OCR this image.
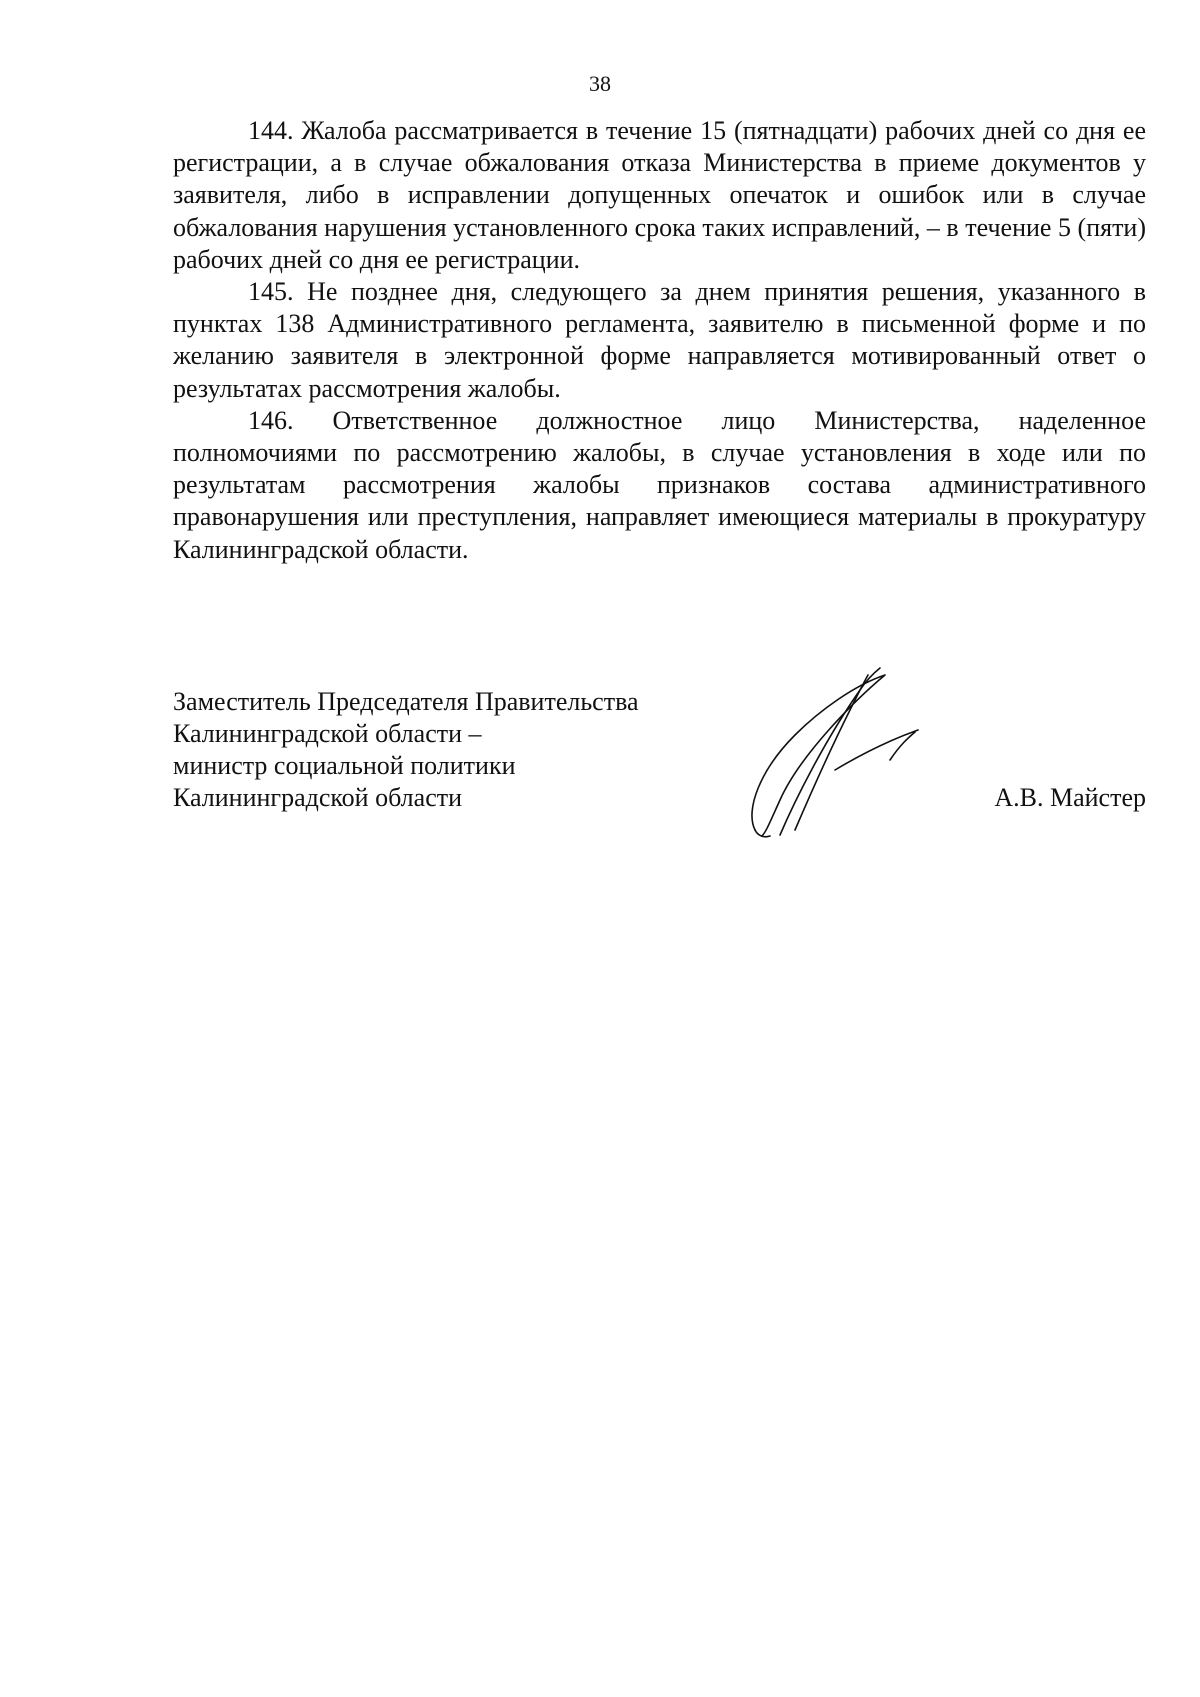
38

144. Жалоба рассматривается в течение 15 (пятнадцати) рабочих дней со дня ее регистрации, а в случае обжалования отказа Министерства в приеме документов у заявителя, либо в исправлении допущенных опечаток и ошибок или в случае обжалования нарушения установленного срока таких исправлений, – в течение 5 (пяти) рабочих дней со дня ее регистрации.

145. Не позднее дня, следующего за днем принятия решения, указанного в пунктах 138 Административного регламента, заявителю в письменной форме и по желанию заявителя в электронной форме направляется мотивированный ответ о результатах рассмотрения жалобы.

146. Ответственное должностное лицо Министерства, наделенное полномочиями по рассмотрению жалобы, в случае установления в ходе или по результатам рассмотрения жалобы признаков состава административного правонарушения или преступления, направляет имеющиеся материалы в прокуратуру Калининградской области.

Заместитель Председателя Правительства
Калининградской области –
министр социальной политики
Калининградской области	А.В. Майстер
